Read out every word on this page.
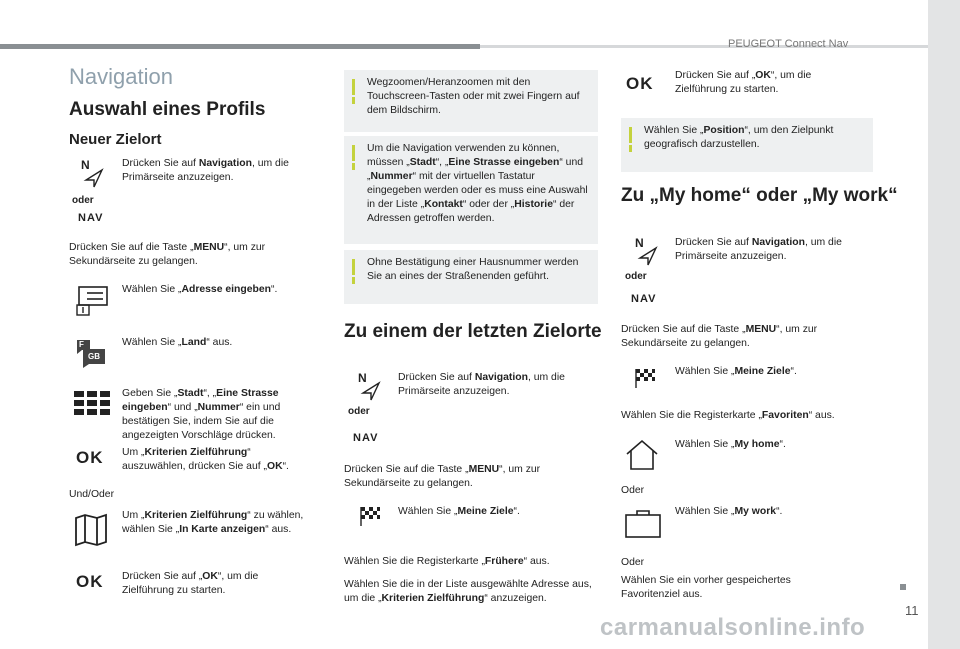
PEUGEOT Connect Nav
Navigation
Auswahl eines Profils
Neuer Zielort
N
oder
NAV
Drücken Sie auf Navigation, um die Primärseite anzuzeigen.
Drücken Sie auf die Taste „MENU“, um zur Sekundärseite zu gelangen.
Wählen Sie „Adresse eingeben“.
F
GB
Wählen Sie „Land“ aus.
Geben Sie „Stadt“, „Eine Strasse eingeben“ und „Nummer“ ein und bestätigen Sie, indem Sie auf die angezeigten Vorschläge drücken.
OK Um „Kriterien Zielführung“ auszuwählen, drücken Sie auf „OK“.
Und/Oder
Um „Kriterien Zielführung“ zu wählen, wählen Sie „In Karte anzeigen“ aus.
OK Drücken Sie auf „OK“, um die Zielführung zu starten.
Wegzoomen/Heranzoomen mit den Touchscreen-Tasten oder mit zwei Fingern auf dem Bildschirm.
Um die Navigation verwenden zu können, müssen „Stadt“, „Eine Strasse eingeben“ und „Nummer“ mit der virtuellen Tastatur eingegeben werden oder es muss eine Auswahl in der Liste „Kontakt“ oder der „Historie“ der Adressen getroffen werden.
Ohne Bestätigung einer Hausnummer werden Sie an eines der Straßenenden geführt.
Zu einem der letzten Zielorte
N
oder
NAV
Drücken Sie auf Navigation, um die Primärseite anzuzeigen.
Drücken Sie auf die Taste „MENU“, um zur Sekundärseite zu gelangen.
Wählen Sie „Meine Ziele“.
Wählen Sie die Registerkarte „Frühere“ aus.
Wählen Sie die in der Liste ausgewählte Adresse aus, um die „Kriterien Zielführung“ anzuzeigen.
OK Drücken Sie auf „OK“, um die Zielführung zu starten.
Wählen Sie „Position“, um den Zielpunkt geografisch darzustellen.
Zu „My home“ oder „My work“
N
oder
NAV
Drücken Sie auf Navigation, um die Primärseite anzuzeigen.
Drücken Sie auf die Taste „MENU“, um zur Sekundärseite zu gelangen.
Wählen Sie „Meine Ziele“.
Wählen Sie die Registerkarte „Favoriten“ aus.
Wählen Sie „My home“.
Oder
Wählen Sie „My work“.
Oder
Wählen Sie ein vorher gespeichertes Favoritenziel aus.
11
carmanualsonline.info
